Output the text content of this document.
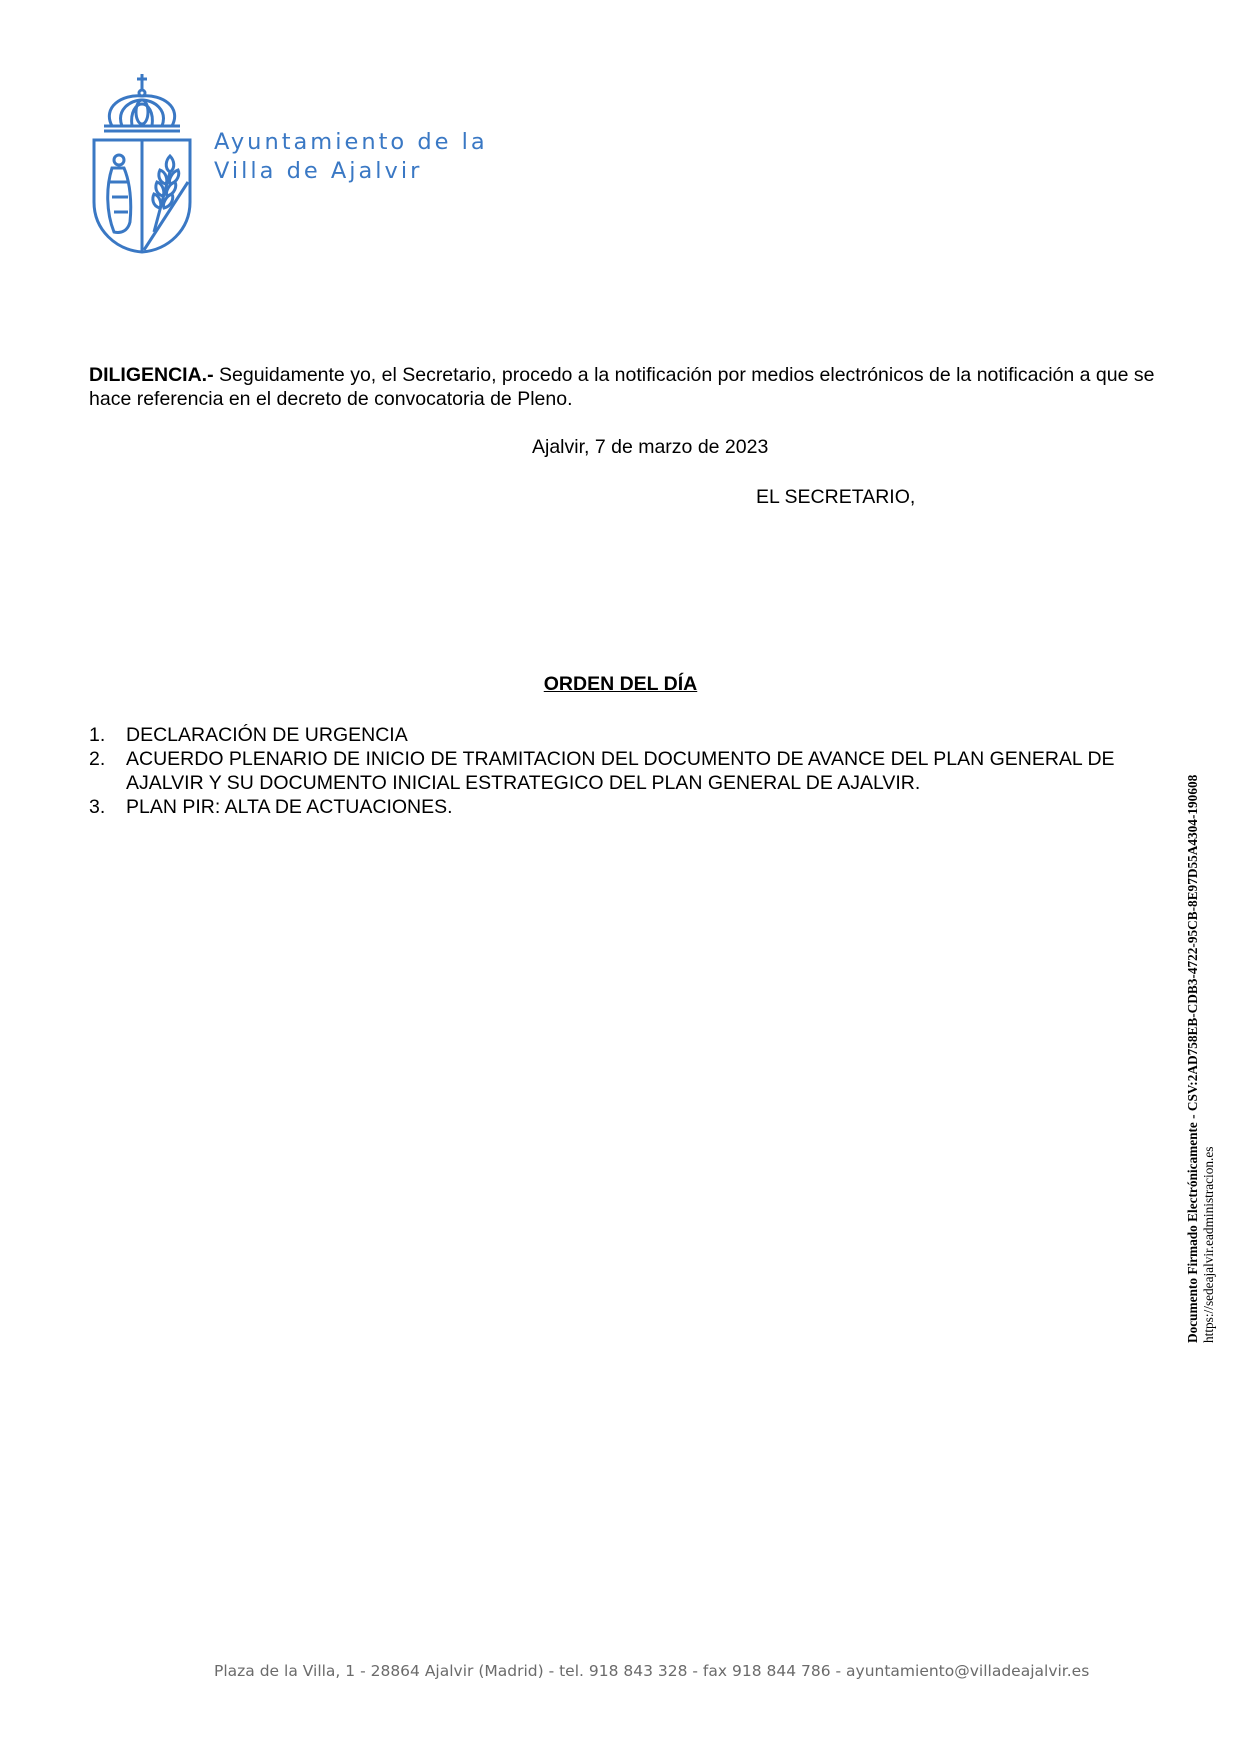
Ayuntamiento de la
Villa de Ajalvir
DILIGENCIA.- Seguidamente yo, el Secretario, procedo a la notificación por medios electrónicos de la notificación a que se hace referencia en el decreto de convocatoria de Pleno.
Ajalvir, 7 de marzo de 2023
EL SECRETARIO,
ORDEN DEL DÍA
1. DECLARACIÓN DE URGENCIA
2. ACUERDO PLENARIO DE INICIO DE TRAMITACION DEL DOCUMENTO DE AVANCE DEL PLAN GENERAL DE AJALVIR Y SU DOCUMENTO INICIAL ESTRATEGICO DEL PLAN GENERAL DE AJALVIR.
3. PLAN PIR: ALTA DE ACTUACIONES.
Documento Firmado Electrónicamente - CSV:2AD758EB-CDB3-4722-95CB-8E97D55A4304-190608
https://sedeajalvir.eadministracion.es
Plaza de la Villa, 1 - 28864 Ajalvir (Madrid) - tel. 918 843 328 - fax 918 844 786 - ayuntamiento@villadeajalvir.es
